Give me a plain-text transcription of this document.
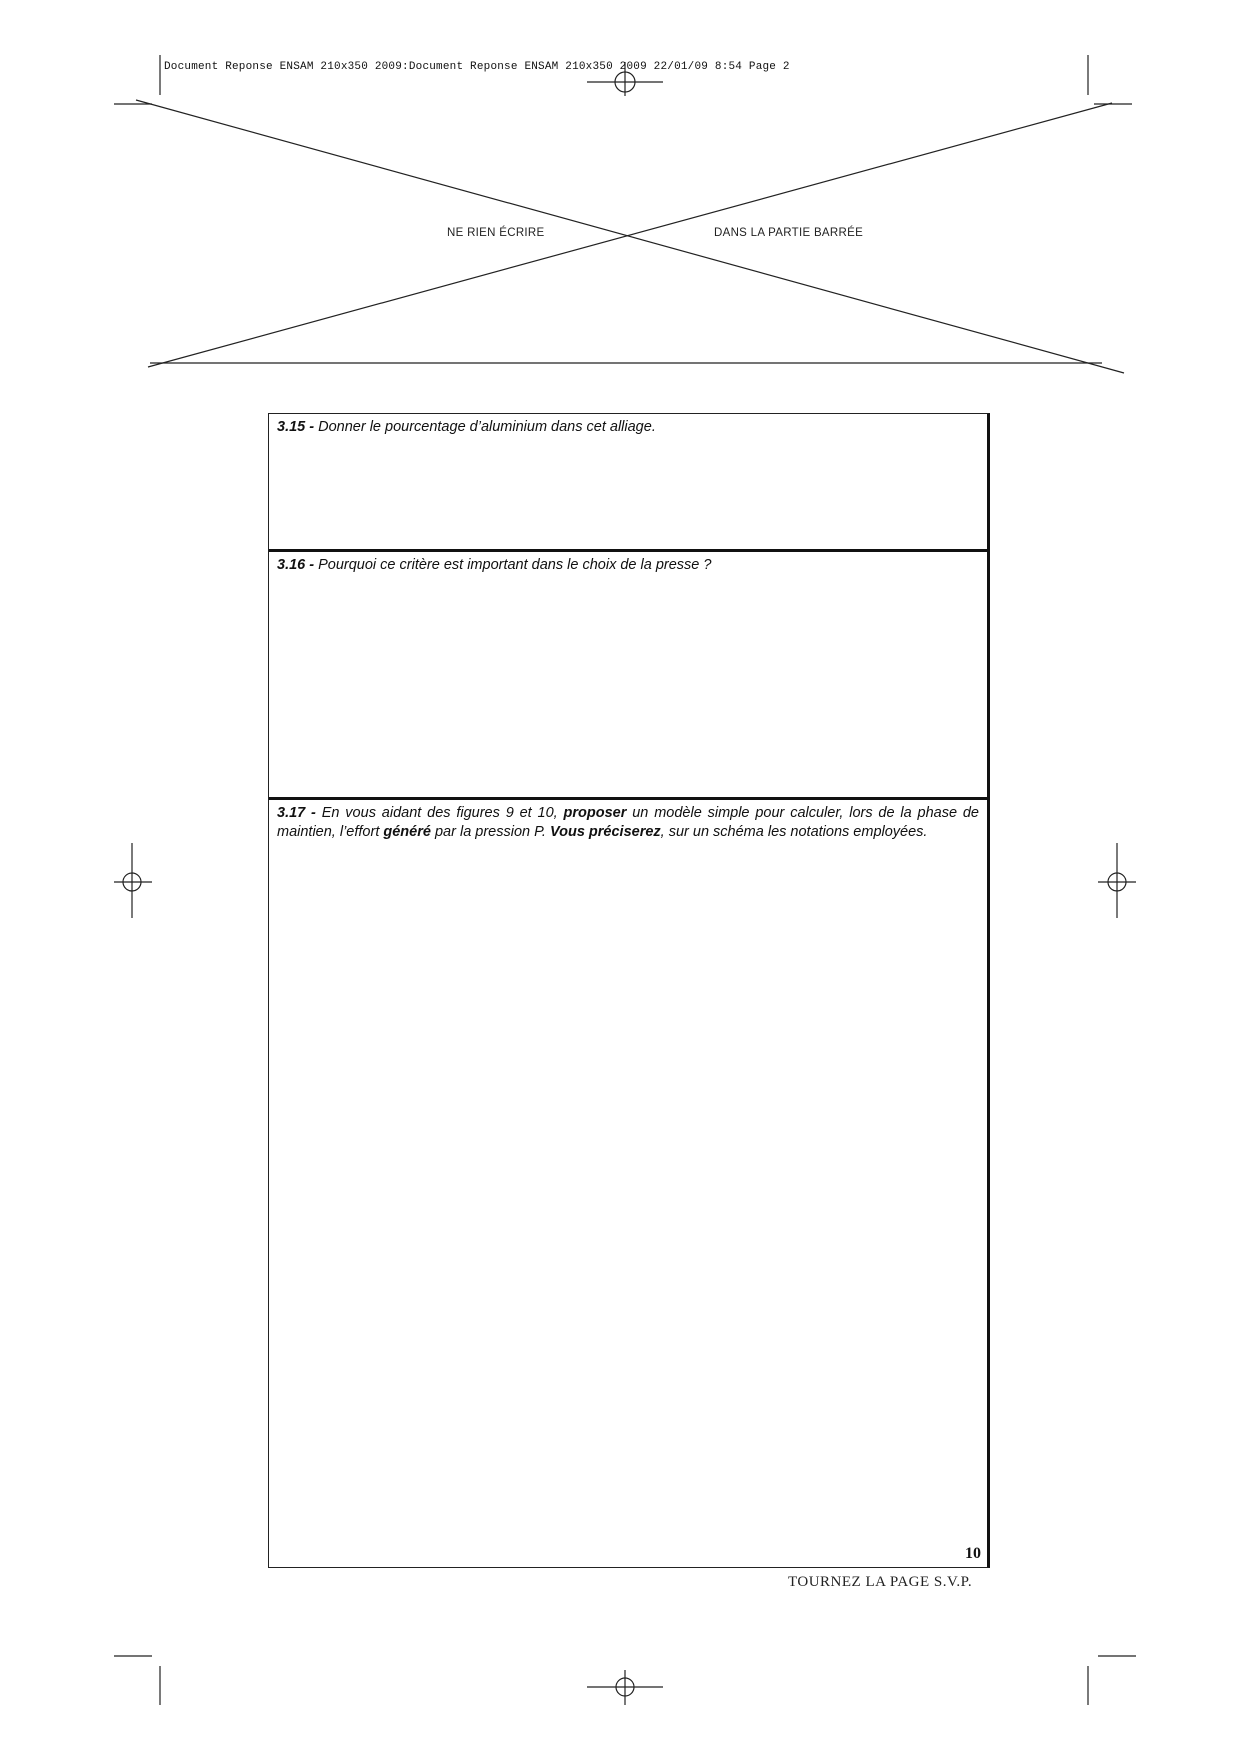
Document Reponse ENSAM 210x350 2009:Document Reponse ENSAM 210x350 2009 22/01/09 8:54 Page 2
NE RIEN ÉCRIRE	DANS LA PARTIE BARRÉE
3.15 - Donner le pourcentage d’aluminium dans cet alliage.
3.16 - Pourquoi ce critère est important dans le choix de la presse ?
3.17 - En vous aidant des figures 9 et 10, proposer un modèle simple pour calculer, lors de la phase de maintien, l’effort généré par la pression P. Vous préciserez, sur un schéma les notations employées.
10
TOURNEZ LA PAGE S.V.P.
